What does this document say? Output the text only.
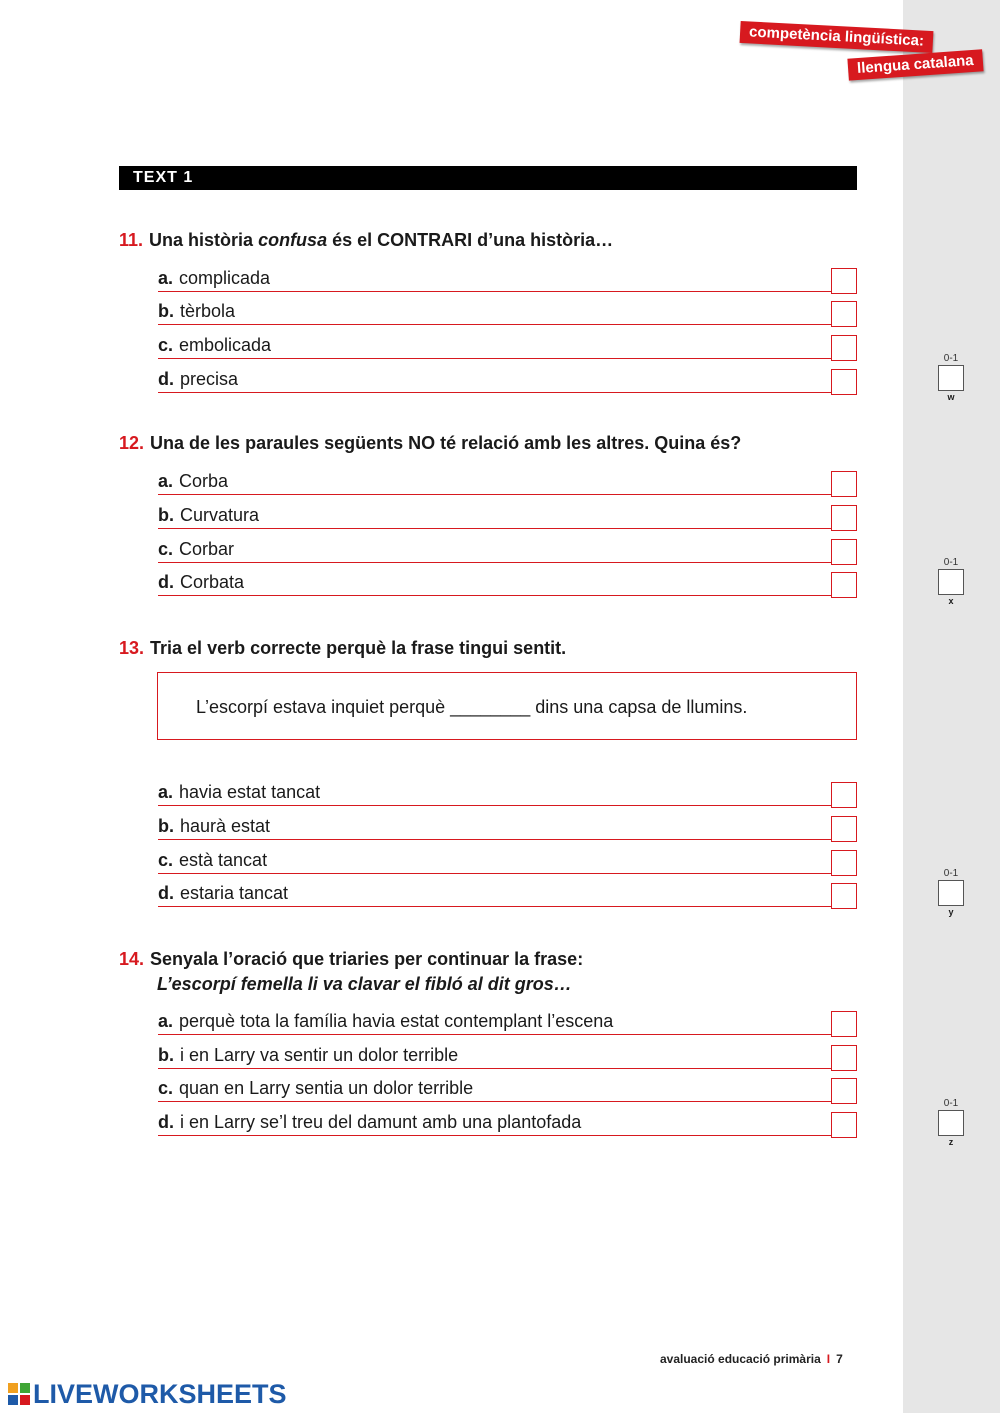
competència lingüística:
llengua catalana
TEXT 1
11. Una història confusa és el CONTRARI d’una història…
a. complicada
b. tèrbola
c. embolicada
d. precisa
12. Una de les paraules següents NO té relació amb les altres. Quina és?
a. Corba
b. Curvatura
c. Corbar
d. Corbata
13. Tria el verb correcte perquè la frase tingui sentit.
L’escorpí estava inquiet perquè ________ dins una capsa de llumins.
a. havia estat tancat
b. haurà estat
c. està tancat
d. estaria tancat
14. Senyala l’oració que triaries per continuar la frase:
L’escorpí femella li va clavar el fibló al dit gros…
a. perquè tota la família havia estat contemplant l’escena
b. i en Larry va sentir un dolor terrible
c. quan en Larry sentia un dolor terrible
d. i en Larry se’l treu del damunt amb una plantofada
0-1
w
0-1
x
0-1
y
0-1
z
avaluació educació primària I 7
LIVEWORKSHEETS
